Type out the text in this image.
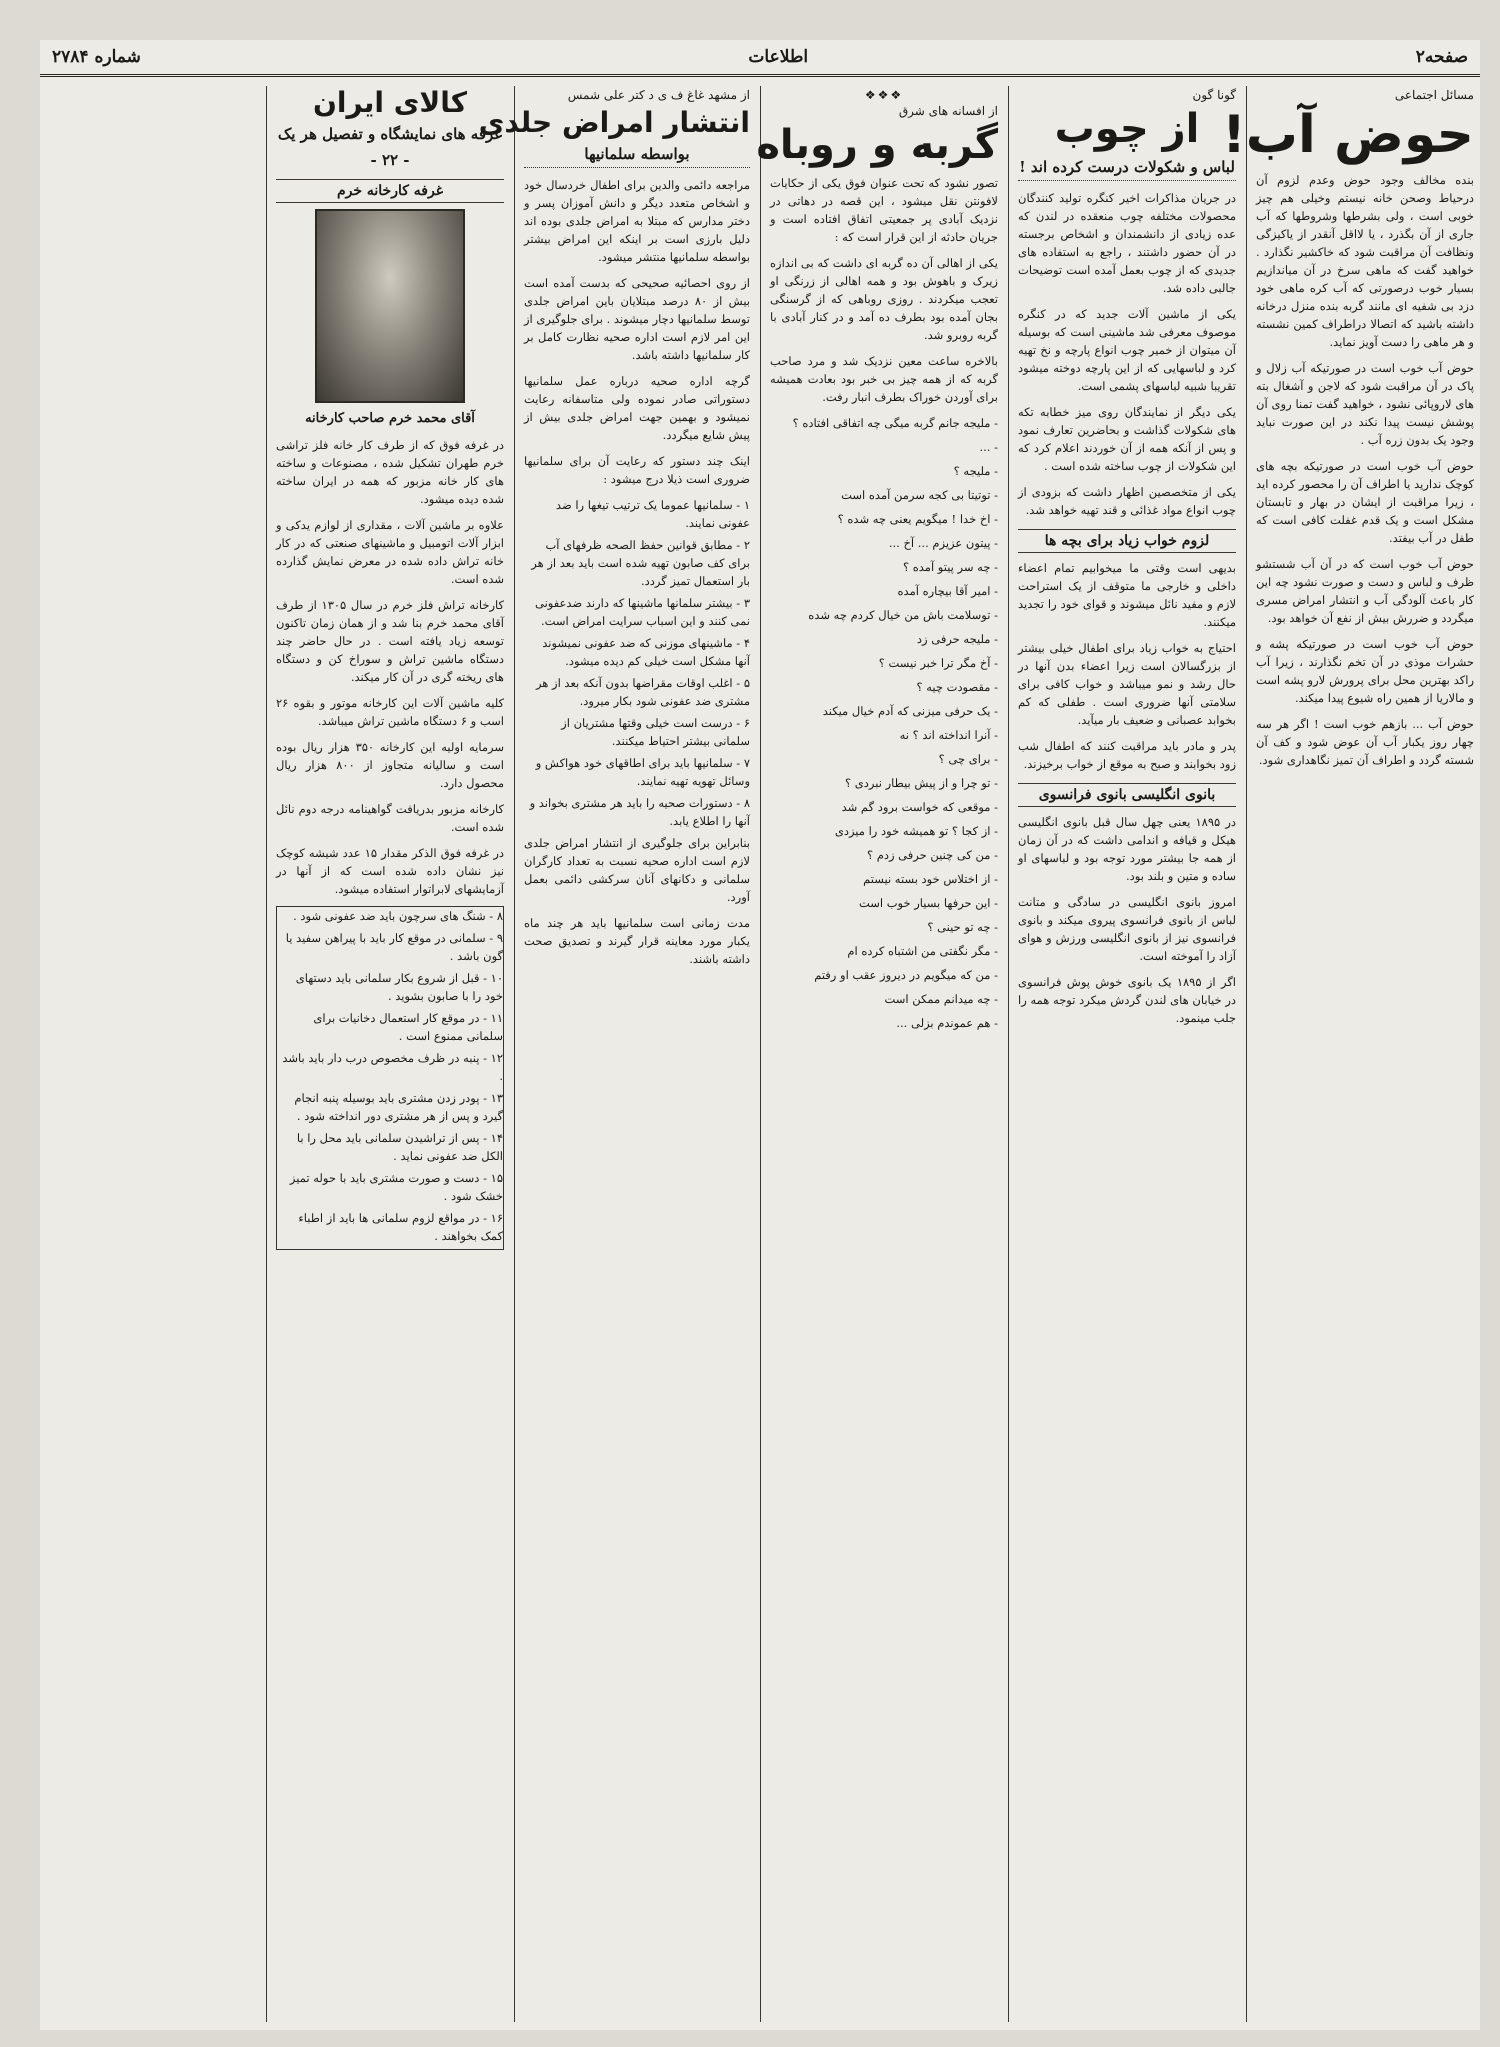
صفحه۲
اطلاعات
شماره ۲۷۸۴
مسائل اجتماعی
حوض آب!

بنده مخالف وجود حوض وعدم لزوم آن درحیاط وصحن خانه نیستم وخیلی هم چیز خوبی است ، ولی بشرطها وشروطها که آب جاری از آن بگذرد ، یا لااقل آنقدر از یاکیزگی ونظافت آن مراقبت شود که خاکشیر نگذارد . خواهید گفت که ماهی سرخ در آن میاندازیم بسیار خوب درصورتی که آب کره ماهی خود دزد بی شفیه ای مانند گربه بنده منزل درخانه داشته باشید که اتصالا دراطراف کمین نشسته و هر ماهی را دست آویز نماید.

حوض آب خوب است در صورتیکه آب زلال و پاک در آن مراقبت شود که لاجن و آشغال بته های لاروپائی نشود ، خواهید گفت تمنا روی آن پوشش نیست پیدا نکند در این صورت نباید وجود یک بدون زره آب .

حوض آب خوب است در صورتیکه بچه های کوچک ندارید یا اطراف آن را محصور کرده اید ، زیرا مراقبت از ایشان در بهار و تابستان مشکل است و یک قدم غفلت کافی است که طفل در آب بیفتد.

حوض آب خوب است که در آن آب شستشو ظرف و لباس و دست و صورت نشود چه این کار باعث آلودگی آب و انتشار امراض مسری میگردد و ضررش بیش از نفع آن خواهد بود.

حوض آب خوب است در صورتیکه پشه و حشرات موذی در آن تخم نگذارند ، زیرا آب راکد بهترین محل برای پرورش لارو پشه است و مالاریا از همین راه شیوع پیدا میکند.

حوض آب ... بازهم خوب است ! اگر هر سه چهار روز یکبار آب آن عوض شود و کف آن شسته گردد و اطراف آن تمیز نگاهداری شود.

گونا گون
از چوب
لباس و شکولات درست کرده اند !

در جریان مذاکرات اخیر کنگره تولید کنندگان محصولات مختلفه چوب منعقده در لندن که عده زیادی از دانشمندان و اشخاص برجسته در آن حضور داشتند ، راجع به استفاده های جدیدی که از چوب بعمل آمده است توضیحات جالبی داده شد.

یکی از ماشین آلات جدید که در کنگره موصوف معرفی شد ماشینی است که بوسیله آن میتوان از خمیر چوب انواع پارچه و نخ تهیه کرد و لباسهایی که از این پارچه دوخته میشود تقریبا شبیه لباسهای پشمی است.

یکی دیگر از نمایندگان روی میز خطابه تکه های شکولات گذاشت و بحاضرین تعارف نمود و پس از آنکه همه از آن خوردند اعلام کرد که این شکولات از چوب ساخته شده است .

یکی از متخصصین اظهار داشت که بزودی از چوب انواع مواد غذائی و قند تهیه خواهد شد.

لزوم خواب زیاد برای بچه ها

بدیهی است وقتی ما میخوابیم تمام اعضاء داخلی و خارجی ما متوقف از یک استراحت لازم و مفید نائل میشوند و قوای خود را تجدید میکنند.

احتیاج به خواب زیاد برای اطفال خیلی بیشتر از بزرگسالان است زیرا اعضاء بدن آنها در حال رشد و نمو میباشد و خواب کافی برای سلامتی آنها ضروری است . طفلی که کم بخوابد عصبانی و ضعیف بار میآید.

پدر و مادر باید مراقبت کنند که اطفال شب زود بخوابند و صبح به موقع از خواب برخیزند.

بانوی انگلیسی بانوی فرانسوی

در ۱۸۹۵ یعنی چهل سال قبل بانوی انگلیسی هیکل و قیافه و اندامی داشت که در آن زمان از همه جا بیشتر مورد توجه بود و لباسهای او ساده و متین و بلند بود.

امروز بانوی انگلیسی در سادگی و متانت لباس از بانوی فرانسوی پیروی میکند و بانوی فرانسوی نیز از بانوی انگلیسی ورزش و هوای آزاد را آموخته است.

اگر از ۱۸۹۵ یک بانوی خوش پوش فرانسوی در خیابان های لندن گردش میکرد توجه همه را جلب مینمود.

❖❖❖
از افسانه های شرق
گربه و روباه

تصور نشود که تحت عنوان فوق یکی از حکایات لافونتن نقل میشود ، این قصه در دهاتی در نزدیک آبادی پر جمعیتی اتفاق افتاده است و جریان حادثه از این قرار است که :

یکی از اهالی آن ده گربه ای داشت که بی اندازه زیرک و باهوش بود و همه اهالی از زرنگی او تعجب میکردند . روزی روباهی که از گرسنگی بجان آمده بود بطرف ده آمد و در کنار آبادی با گربه روبرو شد.

بالاخره ساعت معین نزدیک شد و مرد صاحب گربه که از همه چیز بی خبر بود بعادت همیشه برای آوردن خوراک بطرف انبار رفت.

- ملیجه جانم گربه میگی چه اتفاقی افتاده ؟
- ...
- ملیجه ؟
- توتیتا بی کجه سرمن آمده است
- اخ خدا ! میگویم یعنی چه شده ؟
- پیتون عزیزم ... آخ ...
- چه سر پیتو آمده ؟
- امیر آقا بیچاره آمده
- توسلامت باش من خیال کردم چه شده
- ملیجه حرفی زد
- آخ مگر ترا خبر نیست ؟
- مقصودت چیه ؟
- یک حرفی میزنی که آدم خیال میکند
- آنرا انداخته اند ؟ نه
- برای چی ؟
- تو چرا و از پیش بیطار نبردی ؟
- موقعی که خواست برود گم شد
- از کجا ؟ تو همیشه خود را میزدی
- من کی چنین حرفی زدم ؟
- از اختلاس خود بسته نیستم
- این حرفها بسیار خوب است
- چه تو حینی ؟
- مگر نگفتی من اشتباه کرده ام
- من که میگویم در دیروز عقب او رفتم
- چه میدانم ممکن است
- هم عموندم بزلی ...
از مشهد غاغ ف ی د کتر علی شمس
انتشار امراض جلدی
بواسطه سلمانیها

مراجعه دائمی والدین برای اطفال خردسال خود و اشخاص متعدد دیگر و دانش آموزان پسر و دختر مدارس که مبتلا به امراض جلدی بوده اند دلیل بارزی است بر اینکه این امراض بیشتر بواسطه سلمانیها منتشر میشود.

از روی احصائیه صحیحی که بدست آمده است بیش از ۸۰ درصد مبتلایان باین امراض جلدی توسط سلمانیها دچار میشوند . برای جلوگیری از این امر لازم است اداره صحیه نظارت کامل بر کار سلمانیها داشته باشد.

گرچه اداره صحیه درباره عمل سلمانیها دستوراتی صادر نموده ولی متاسفانه رعایت نمیشود و بهمین جهت امراض جلدی بیش از پیش شایع میگردد.

اینک چند دستور که رعایت آن برای سلمانیها ضروری است ذیلا درج میشود :

۱ - سلمانیها عموما یک ترتیب تیغها را ضد عفونی نمایند.
۲ - مطابق قوانین حفظ الصحه ظرفهای آب برای کف صابون تهیه شده است باید بعد از هر بار استعمال تمیز گردد.
۳ - بیشتر سلمانها ماشینها که دارند ضدعفونی نمی کنند و این اسباب سرایت امراض است.
۴ - ماشینهای موزنی که ضد عفونی نمیشوند آنها مشکل است خیلی کم دیده میشود.
۵ - اغلب اوقات مقراضها بدون آنکه بعد از هر مشتری ضد عفونی شود بکار میرود.
۶ - درست است خیلی وقتها مشتریان از سلمانی بیشتر احتیاط میکنند.
۷ - سلمانیها باید برای اطاقهای خود هواکش و وسائل تهویه تهیه نمایند.
۸ - دستورات صحیه را باید هر مشتری بخواند و آنها را اطلاع یابد.

بنابراین برای جلوگیری از انتشار امراض جلدی لازم است اداره صحیه نسبت به تعداد کارگران سلمانی و دکانهای آنان سرکشی دائمی بعمل آورد.

مدت زمانی است سلمانیها باید هر چند ماه یکبار مورد معاینه قرار گیرند و تصدیق صحت داشته باشند.

کالای ایران
غرفه های نمایشگاه و تفصیل هر یک
- ۲۲ -
غرفه کارخانه خرم
آقای محمد خرم صاحب کارخانه

در غرفه فوق که از طرف کار خانه فلز تراشی خرم طهران تشکیل شده ، مصنوعات و ساخته های کار خانه مزبور که همه در ایران ساخته شده دیده میشود.

علاوه بر ماشین آلات ، مقداری از لوازم یدکی و ابزار آلات اتومبیل و ماشینهای صنعتی که در کار خانه تراش داده شده در معرض نمایش گذارده شده است.

کارخانه تراش فلز خرم در سال ۱۳۰۵ از طرف آقای محمد خرم بنا شد و از همان زمان تاکنون توسعه زیاد یافته است . در حال حاضر چند دستگاه ماشین تراش و سوراخ کن و دستگاه های ریخته گری در آن کار میکند.

کلیه ماشین آلات این کارخانه موتور و بقوه ۲۶ اسب و ۶ دستگاه ماشین تراش میباشد.

سرمایه اولیه این کارخانه ۳۵۰ هزار ریال بوده است و سالیانه متجاوز از ۸۰۰ هزار ریال محصول دارد.

کارخانه مزبور بدریافت گواهینامه درجه دوم نائل شده است.

در غرفه فوق الذکر مقدار ۱۵ عدد شیشه کوچک نیز نشان داده شده است که از آنها در آزمایشهای لابراتوار استفاده میشود.

۸ - شنگ های سرچون باید ضد عفونی شود .
۹ - سلمانی در موقع کار باید با پیراهن سفید یا گون باشد .
۱۰ - قبل از شروع بکار سلمانی باید دستهای خود را با صابون بشوید .
۱۱ - در موقع کار استعمال دخانیات برای سلمانی ممنوع است .
۱۲ - پنبه در ظرف مخصوص درب دار باید باشد .
۱۳ - پودر زدن مشتری باید بوسیله پنبه انجام گیرد و پس از هر مشتری دور انداخته شود .
۱۴ - پس از تراشیدن سلمانی باید محل را با الکل ضد عفونی نماید .
۱۵ - دست و صورت مشتری باید با حوله تمیز خشک شود .
۱۶ - در مواقع لزوم سلمانی ها باید از اطباء کمک بخواهند .
